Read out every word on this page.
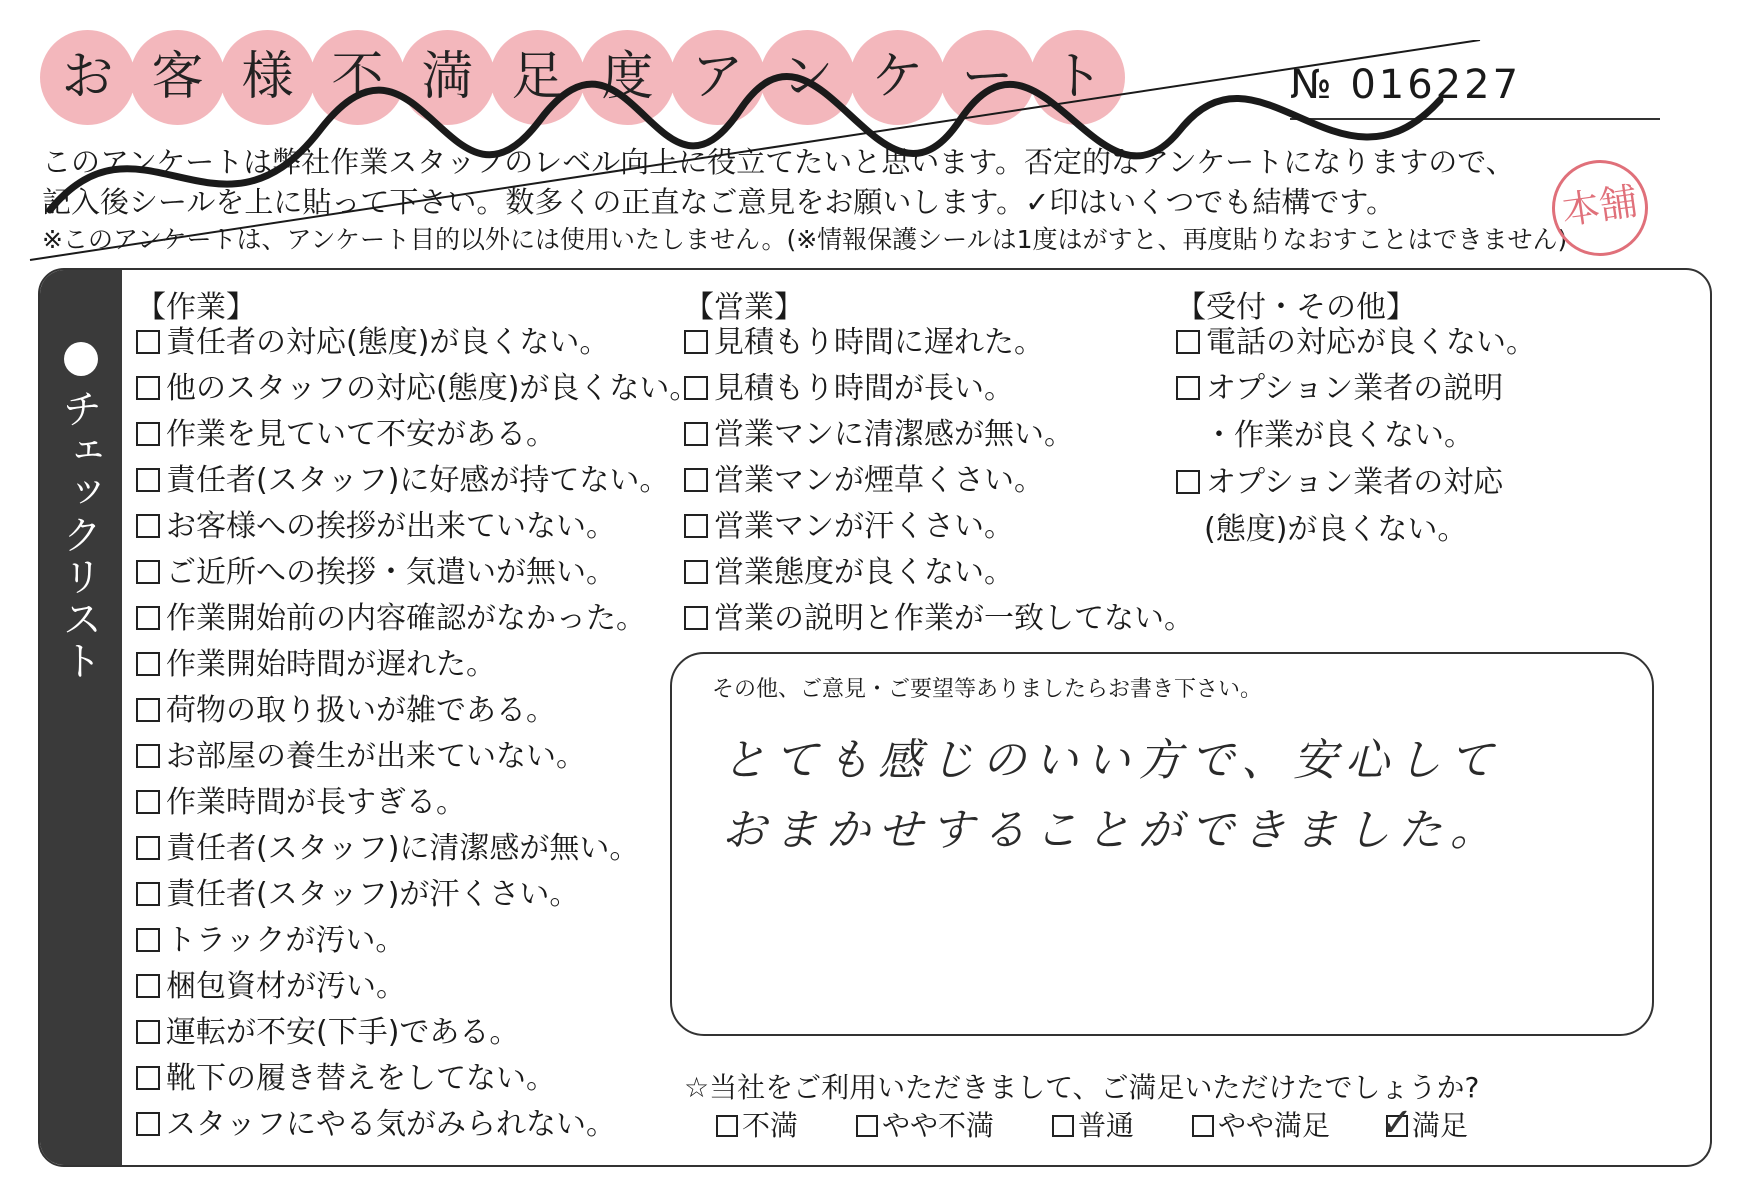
お 客 様 不 満 足 度 ア ン ケ ー ト	№ 016227
このアンケートは弊社作業スタッフのレベル向上に役立てたいと思います。否定的なアンケートになりますので、
記入後シールを上に貼って下さい。数多くの正直なご意見をお願いします。✓印はいくつでも結構です。
※このアンケートは、アンケート目的以外には使用いたしません。(※情報保護シールは1度はがすと、再度貼りなおすことはできません)
本舗
チェックリスト
【作業】
責任者の対応(態度)が良くない。
他のスタッフの対応(態度)が良くない。
作業を見ていて不安がある。
責任者(スタッフ)に好感が持てない。
お客様への挨拶が出来ていない。
ご近所への挨拶・気遣いが無い。
作業開始前の内容確認がなかった。
作業開始時間が遅れた。
荷物の取り扱いが雑である。
お部屋の養生が出来ていない。
作業時間が長すぎる。
責任者(スタッフ)に清潔感が無い。
責任者(スタッフ)が汗くさい。
トラックが汚い。
梱包資材が汚い。
運転が不安(下手)である。
靴下の履き替えをしてない。
スタッフにやる気がみられない。
【営業】
見積もり時間に遅れた。
見積もり時間が長い。
営業マンに清潔感が無い。
営業マンが煙草くさい。
営業マンが汗くさい。
営業態度が良くない。
営業の説明と作業が一致してない。
【受付・その他】
電話の対応が良くない。
オプション業者の説明
・作業が良くない。
オプション業者の対応
(態度)が良くない。
その他、ご意見・ご要望等ありましたらお書き下さい。
とても感じのいい方で、安心して
おまかせすることができました。
☆当社をご利用いただきまして、ご満足いただけたでしょうか?
不満	やや不満	普通	やや満足	満足
✓
